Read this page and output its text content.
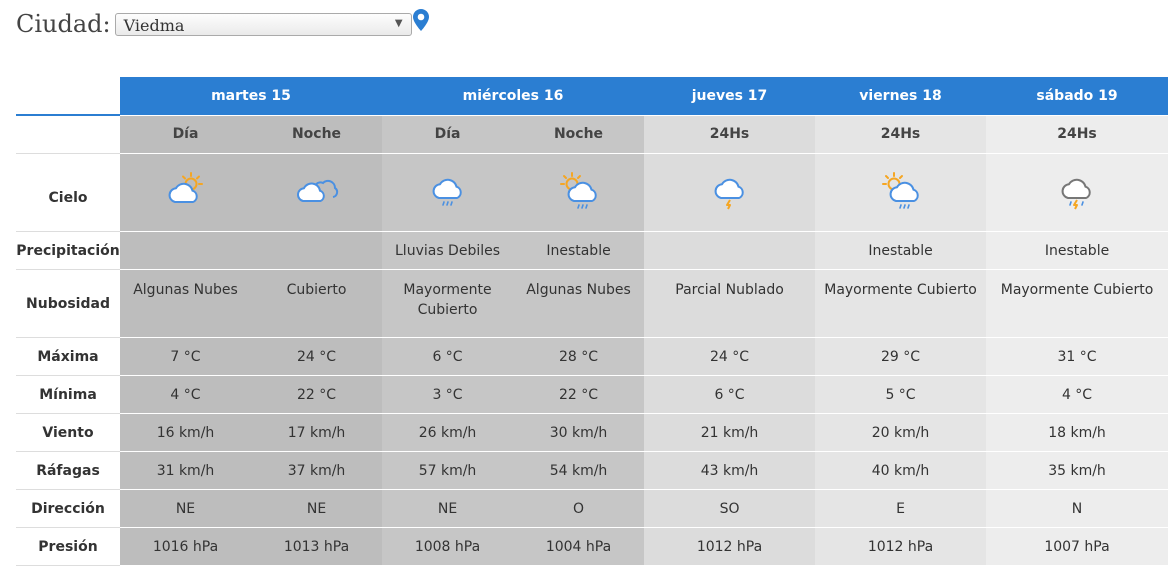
Ciudad: Viedma	▼
	martes 15		miércoles 16		jueves 17	viernes 18	sábado 19
	Día	Noche	Día	Noche	24Hs	24Hs	24Hs
Cielo							
Precipitación			Lluvias Debiles	Inestable		Inestable	Inestable
Nubosidad	Algunas Nubes	Cubierto	Mayormente Cubierto	Algunas Nubes	Parcial Nublado	Mayormente Cubierto	Mayormente Cubierto
Máxima	7 °C	24 °C	6 °C	28 °C	24 °C	29 °C	31 °C
Mínima	4 °C	22 °C	3 °C	22 °C	6 °C	5 °C	4 °C
Viento	16 km/h	17 km/h	26 km/h	30 km/h	21 km/h	20 km/h	18 km/h
Ráfagas	31 km/h	37 km/h	57 km/h	54 km/h	43 km/h	40 km/h	35 km/h
Dirección	NE	NE	NE	O	SO	E	N
Presión	1016 hPa	1013 hPa	1008 hPa	1004 hPa	1012 hPa	1012 hPa	1007 hPa
